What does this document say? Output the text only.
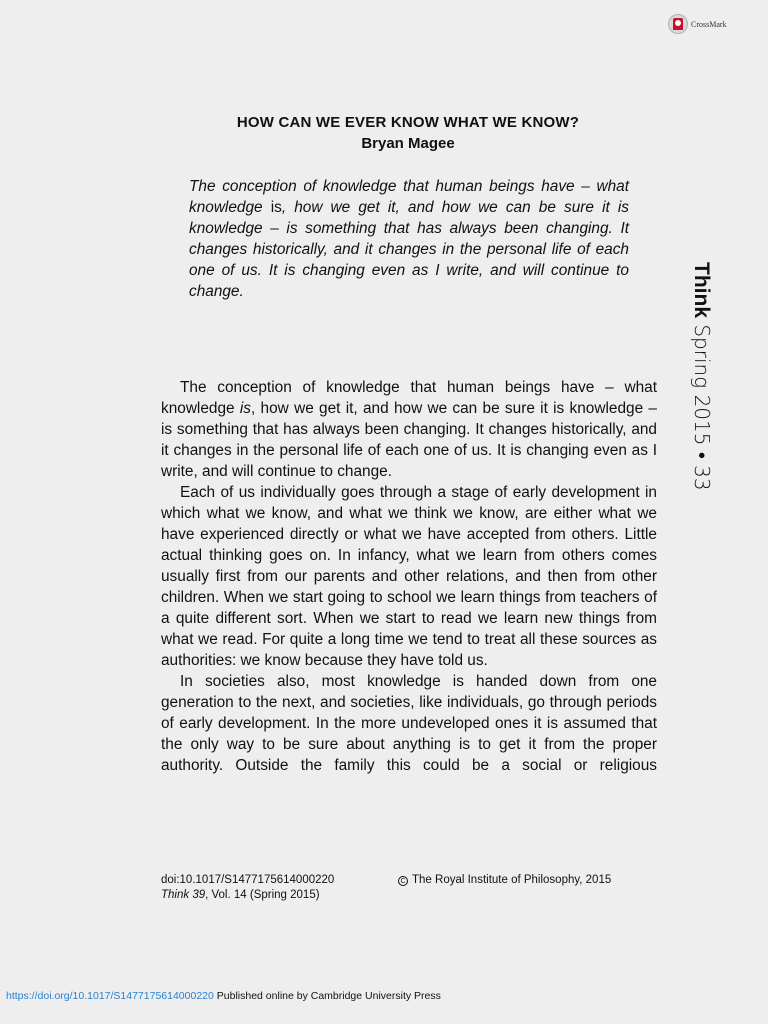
CrossMark
HOW CAN WE EVER KNOW WHAT WE KNOW?
Bryan Magee
The conception of knowledge that human beings have – what knowledge is, how we get it, and how we can be sure it is knowledge – is something that has always been changing. It changes historically, and it changes in the personal life of each one of us. It is changing even as I write, and will continue to change.

The conception of knowledge that human beings have – what knowledge is, how we get it, and how we can be sure it is knowledge – is something that has always been changing. It changes historically, and it changes in the personal life of each one of us. It is changing even as I write, and will continue to change.

Each of us individually goes through a stage of early development in which what we know, and what we think we know, are either what we have experienced directly or what we have accepted from others. Little actual thinking goes on. In infancy, what we learn from others comes usually first from our parents and other relations, and then from other children. When we start going to school we learn things from teachers of a quite different sort. When we start to read we learn new things from what we read. For quite a long time we tend to treat all these sources as authorities: we know because they have told us.

In societies also, most knowledge is handed down from one generation to the next, and societies, like individuals, go through periods of early development. In the more undeveloped ones it is assumed that the only way to be sure about anything is to get it from the proper authority. Outside the family this could be a social or religious

doi:10.1017/S1477175614000220
Think 39, Vol. 14 (Spring 2015)
C The Royal Institute of Philosophy, 2015
Think Spring 2015 • 33
https://doi.org/10.1017/S1477175614000220 Published online by Cambridge University Press
